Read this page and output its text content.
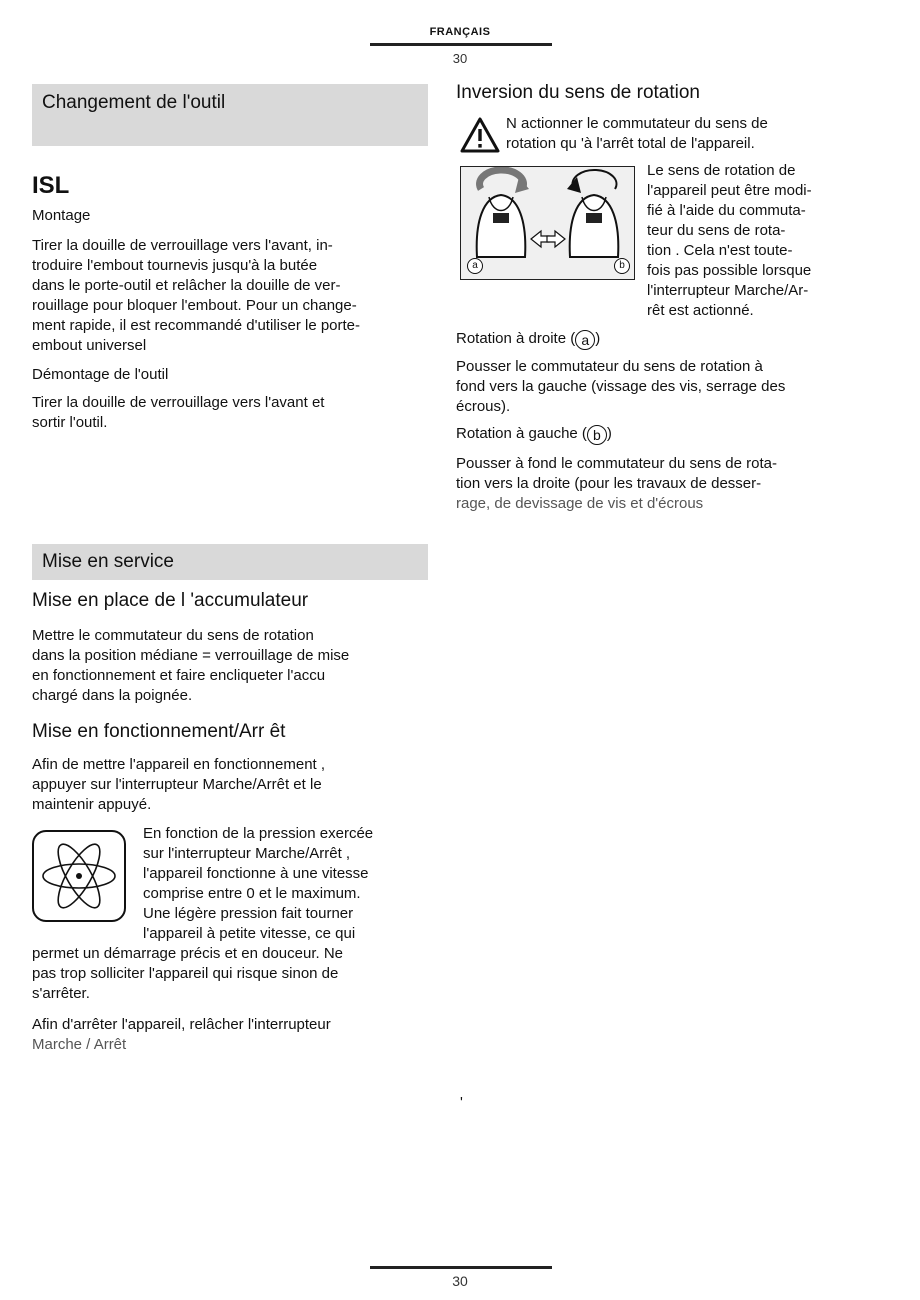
FRANÇAIS
30
Changement de l'outil
ISL
Montage
Tirer la douille de verrouillage vers l'avant, in-
troduire l'embout tournevis jusqu'à la butée
dans le porte-outil et relâcher la douille de ver-
rouillage pour bloquer l'embout. Pour un change-
ment rapide, il est recommandé d'utiliser le porte-
embout universel
Démontage de l'outil
Tirer la douille de verrouillage vers l'avant et
sortir l'outil.
Mise en service
Mise en place de l 'accumulateur
Mettre le commutateur du sens de rotation
dans la position médiane = verrouillage de mise
en fonctionnement et faire encliqueter l'accu
chargé dans la poignée.
Mise en fonctionnement/Arr êt
Afin de mettre l'appareil en fonctionnement ,
appuyer sur l'interrupteur Marche/Arrêt et le
maintenir appuyé.
En fonction de la pression exercée
sur l'interrupteur Marche/Arrêt ,
l'appareil fonctionne à une vitesse
comprise entre 0 et le maximum.
Une légère pression fait tourner
l'appareil à petite vitesse, ce qui
permet un démarrage précis et en douceur. Ne
pas trop solliciter l'appareil qui risque sinon de
s'arrêter.
Afin d'arrêter l'appareil, relâcher l'interrupteur
Marche / Arrêt
Inversion du sens de rotation
N actionner le commutateur du sens de
rotation qu 'à l'arrêt total de l'appareil.
a	b
Le sens de rotation de
l'appareil peut être modi-
fié à l'aide du commuta-
teur du sens de rota-
tion . Cela n'est toute-
fois pas possible lorsque
l'interrupteur Marche/Ar-
rêt est actionné.
Rotation à droite ( a )
Pousser le commutateur du sens de rotation à
fond vers la gauche (vissage des vis, serrage des
écrous).
Rotation à gauche ( b )
Pousser à fond le commutateur du sens de rota-
tion vers la droite (pour les travaux de desser-
rage, de devissage de vis et d'écrous
'
30
